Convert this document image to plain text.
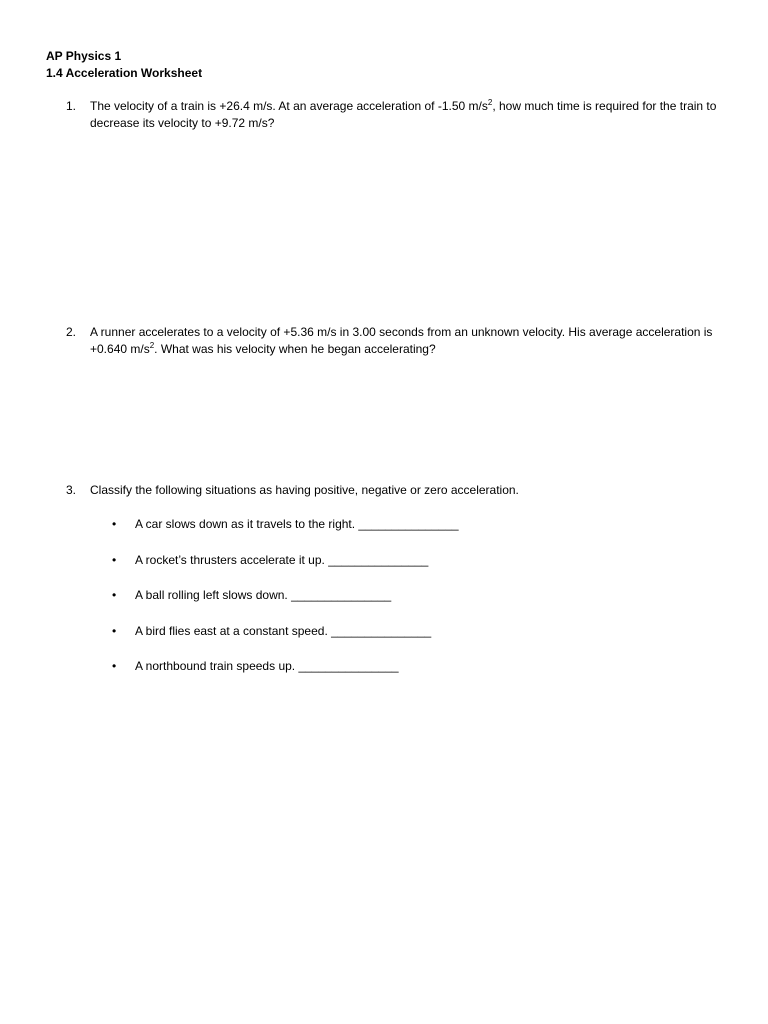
AP Physics 1
1.4 Acceleration Worksheet
1.	The velocity of a train is +26.4 m/s. At an average acceleration of -1.50 $m/s^2$, how much time is required for the train to decrease its velocity to +9.72 m/s?
2.	A runner accelerates to a velocity of +5.36 m/s in 3.00 seconds from an unknown velocity. His average acceleration is +0.640 $m/s^2$. What was his velocity when he began accelerating?
3.	Classify the following situations as having positive, negative or zero acceleration.
•	A car slows down as it travels to the right. _______________
•	A rocket’s thrusters accelerate it up. _______________
•	A ball rolling left slows down. _______________
•	A bird flies east at a constant speed. _______________
•	A northbound train speeds up. _______________
